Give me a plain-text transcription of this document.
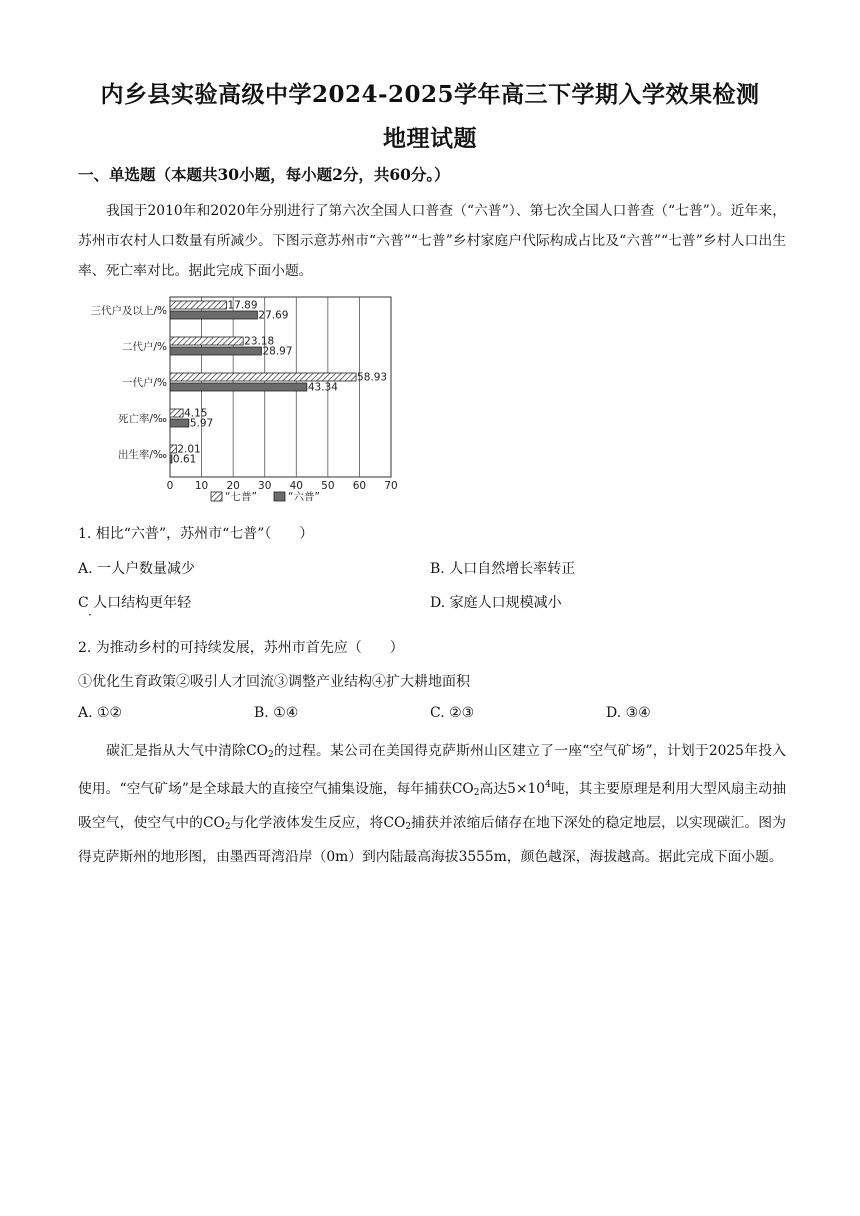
内乡县实验高级中学2024-2025学年高三下学期入学效果检测
地理试题
一、单选题（本题共30小题，每小题2分，共60分。）
我国于2010年和2020年分别进行了第六次全国人口普查（“六普”）、第七次全国人口普查（“七普”）。近年来，苏州市农村人口数量有所减少。下图示意苏州市“六普”“七普”乡村家庭户代际构成占比及“六普”“七普”乡村人口出生率、死亡率对比。据此完成下面小题。
17.89
27.69
23.18
28.97
58.93
43.34
4.15
5.97
2.01
0.61
三代户及以上/%
二代户/%
一代户/%
死亡率/‰
出生率/‰
0 10 20 30 40 50 60 70
“七普”	“六普”
1. 相比“六普”，苏州市“七普”（　　）
A. 一人户数量减少	B. 人口自然增长率转正
C 人口结构更年轻
·
D. 家庭人口规模减小
2. 为推动乡村的可持续发展，苏州市首先应（　　）
①优化生育政策②吸引人才回流③调整产业结构④扩大耕地面积
A. ①②	B. ①④	C. ②③	D. ③④
碳汇是指从大气中清除$CO_2$的过程。某公司在美国得克萨斯州山区建立了一座“空气矿场”，计划于2025年投入使用。“空气矿场”是全球最大的直接空气捕集设施，每年捕获$CO_2$高达$5\times 10^4$吨，其主要原理是利用大型风扇主动抽吸空气，使空气中的$CO_2$与化学液体发生反应，将$CO_2$捕获并浓缩后储存在地下深处的稳定地层，以实现碳汇。图为得克萨斯州的地形图，由墨西哥湾沿岸（0m）到内陆最高海拔3555m，颜色越深，海拔越高。据此完成下面小题。
